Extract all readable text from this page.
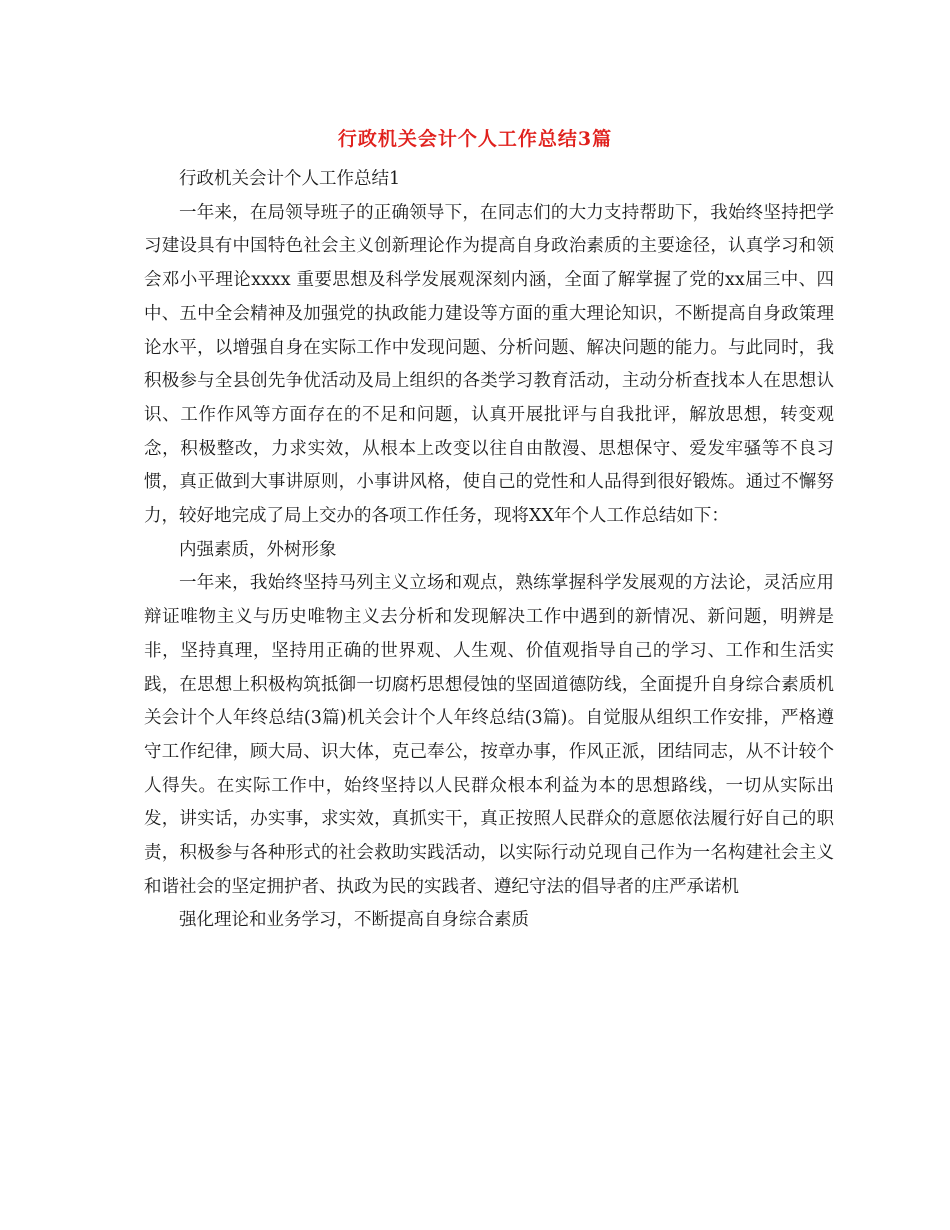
行政机关会计个人工作总结3篇

行政机关会计个人工作总结1

一年来，在局领导班子的正确领导下，在同志们的大力支持帮助下，我始终坚持把学习建设具有中国特色社会主义创新理论作为提高自身政治素质的主要途径，认真学习和领会邓小平理论xxxx 重要思想及科学发展观深刻内涵，全面了解掌握了党的xx届三中、四中、五中全会精神及加强党的执政能力建设等方面的重大理论知识，不断提高自身政策理论水平，以增强自身在实际工作中发现问题、分析问题、解决问题的能力。与此同时，我积极参与全县创先争优活动及局上组织的各类学习教育活动，主动分析查找本人在思想认识、工作作风等方面存在的不足和问题，认真开展批评与自我批评，解放思想，转变观念，积极整改，力求实效，从根本上改变以往自由散漫、思想保守、爱发牢骚等不良习惯，真正做到大事讲原则，小事讲风格，使自己的党性和人品得到很好锻炼。通过不懈努力，较好地完成了局上交办的各项工作任务，现将XX年个人工作总结如下：

内强素质，外树形象

一年来，我始终坚持马列主义立场和观点，熟练掌握科学发展观的方法论，灵活应用辩证唯物主义与历史唯物主义去分析和发现解决工作中遇到的新情况、新问题，明辨是非，坚持真理，坚持用正确的世界观、人生观、价值观指导自己的学习、工作和生活实践，在思想上积极构筑抵御一切腐朽思想侵蚀的坚固道德防线，全面提升自身综合素质机关会计个人年终总结(3篇)机关会计个人年终总结(3篇)。自觉服从组织工作安排，严格遵守工作纪律，顾大局、识大体，克己奉公，按章办事，作风正派，团结同志，从不计较个人得失。在实际工作中，始终坚持以人民群众根本利益为本的思想路线，一切从实际出发，讲实话，办实事，求实效，真抓实干，真正按照人民群众的意愿依法履行好自己的职责，积极参与各种形式的社会救助实践活动，以实际行动兑现自己作为一名构建社会主义和谐社会的坚定拥护者、执政为民的实践者、遵纪守法的倡导者的庄严承诺机

强化理论和业务学习，不断提高自身综合素质
